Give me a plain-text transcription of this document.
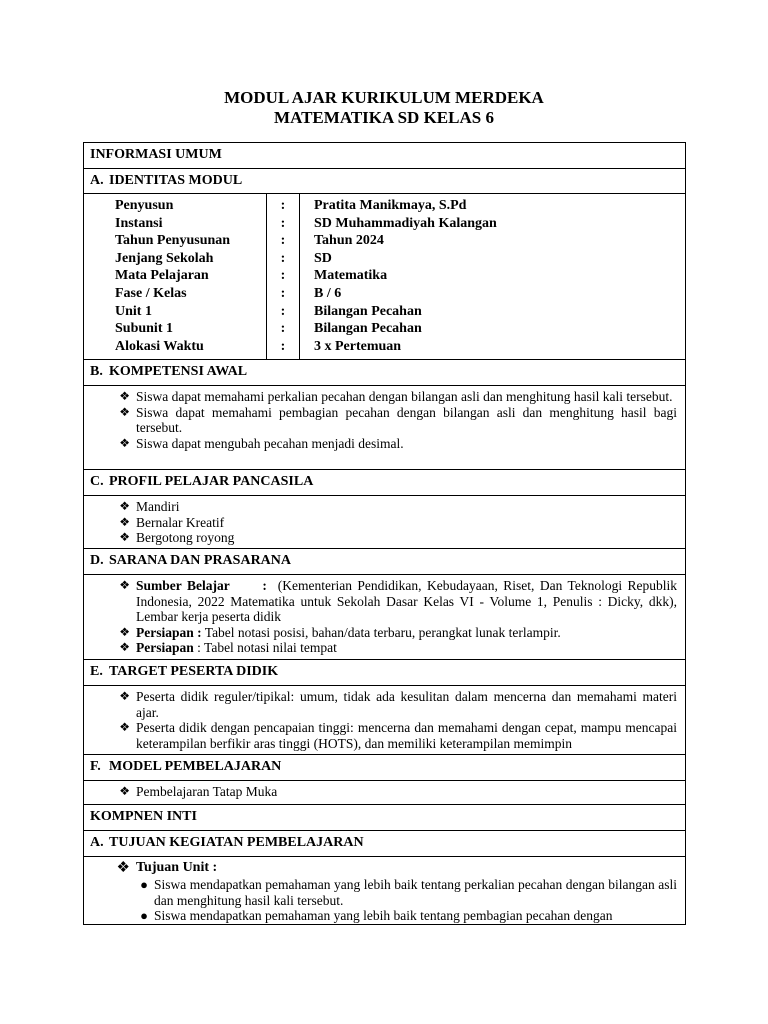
MODUL AJAR KURIKULUM MERDEKA
MATEMATIKA SD KELAS 6
INFORMASI UMUM
A. IDENTITAS MODUL
Penyusun
Instansi
Tahun Penyusunan
Jenjang Sekolah
Mata Pelajaran
Fase / Kelas
Unit 1
Subunit 1
Alokasi Waktu
:
:
:
:
:
:
:
:
:
Pratita Manikmaya, S.Pd
SD Muhammadiyah Kalangan
Tahun 2024
SD
Matematika
B / 6
Bilangan Pecahan
Bilangan Pecahan
3 x Pertemuan
B. KOMPETENSI AWAL
❖ Siswa dapat memahami perkalian pecahan dengan bilangan asli dan menghitung hasil kali tersebut.
❖ Siswa dapat memahami pembagian pecahan dengan bilangan asli dan menghitung hasil bagi tersebut.
❖ Siswa dapat mengubah pecahan menjadi desimal.
C. PROFIL PELAJAR PANCASILA
❖ Mandiri
❖ Bernalar Kreatif
❖ Bergotong royong
D. SARANA DAN PRASARANA
❖ Sumber Belajar : (Kementerian Pendidikan, Kebudayaan, Riset, Dan Teknologi Republik Indonesia, 2022 Matematika untuk Sekolah Dasar Kelas VI - Volume 1, Penulis : Dicky, dkk), Lembar kerja peserta didik
❖ Persiapan : Tabel notasi posisi, bahan/data terbaru, perangkat lunak terlampir.
❖ Persiapan : Tabel notasi nilai tempat
E. TARGET PESERTA DIDIK
❖ Peserta didik reguler/tipikal: umum, tidak ada kesulitan dalam mencerna dan memahami materi ajar.
❖ Peserta didik dengan pencapaian tinggi: mencerna dan memahami dengan cepat, mampu mencapai keterampilan berfikir aras tinggi (HOTS), dan memiliki keterampilan memimpin
F. MODEL PEMBELAJARAN
❖ Pembelajaran Tatap Muka
KOMPNEN INTI
A. TUJUAN KEGIATAN PEMBELAJARAN
❖ Tujuan Unit :
● Siswa mendapatkan pemahaman yang lebih baik tentang perkalian pecahan dengan bilangan asli dan menghitung hasil kali tersebut.
● Siswa mendapatkan pemahaman yang lebih baik tentang pembagian pecahan dengan
